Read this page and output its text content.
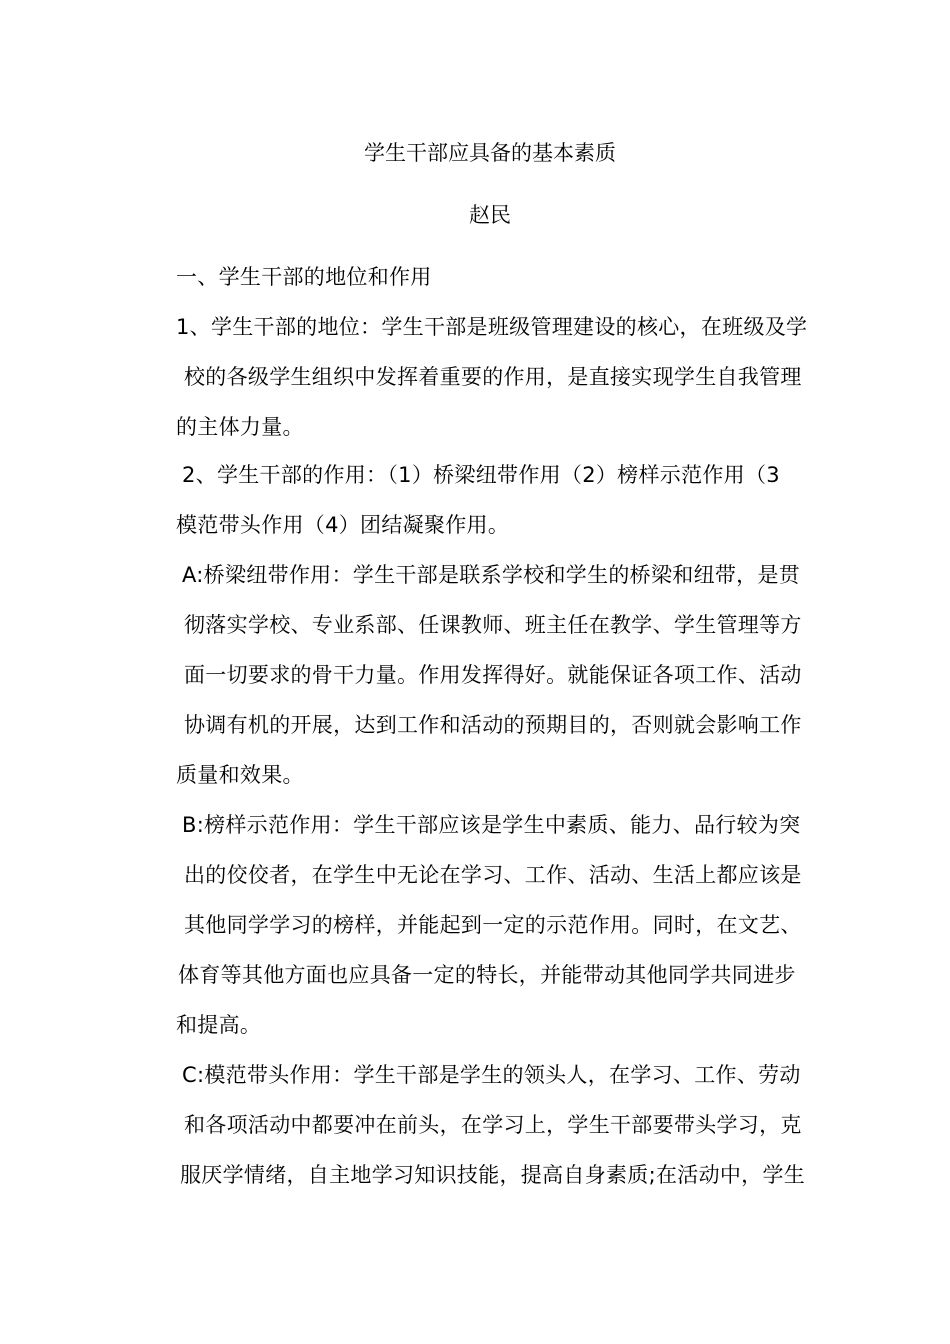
学生干部应具备的基本素质
赵民
一、学生干部的地位和作用
1、学生干部的地位：学生干部是班级管理建设的核心，在班级及学
校的各级学生组织中发挥着重要的作用，是直接实现学生自我管理
的主体力量。
2、学生干部的作用：（1）桥梁纽带作用（2）榜样示范作用（3
模范带头作用（4）团结凝聚作用。
A:桥梁纽带作用：学生干部是联系学校和学生的桥梁和纽带，是贯
彻落实学校、专业系部、任课教师、班主任在教学、学生管理等方
面一切要求的骨干力量。作用发挥得好。就能保证各项工作、活动
协调有机的开展，达到工作和活动的预期目的，否则就会影响工作
质量和效果。
B:榜样示范作用：学生干部应该是学生中素质、能力、品行较为突
出的佼佼者，在学生中无论在学习、工作、活动、生活上都应该是
其他同学学习的榜样，并能起到一定的示范作用。同时，在文艺、
体育等其他方面也应具备一定的特长，并能带动其他同学共同进步
和提高。
C:模范带头作用：学生干部是学生的领头人，在学习、工作、劳动
和各项活动中都要冲在前头，在学习上，学生干部要带头学习，克
服厌学情绪，自主地学习知识技能，提高自身素质;在活动中，学生
